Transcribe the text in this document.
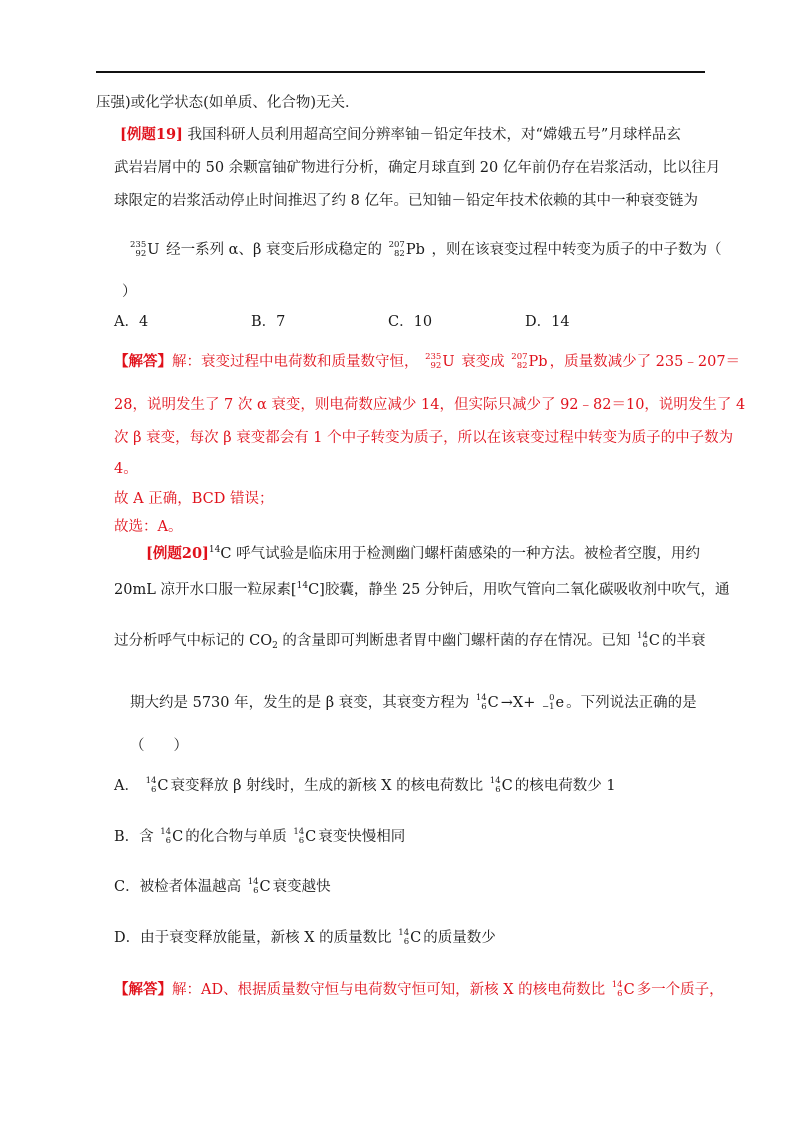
压强)或化学状态(如单质、化合物)无关．
[例题19] 我国科研人员利用超高空间分辨率铀－铅定年技术，对“嫦娥五号”月球样品玄
武岩岩屑中的 50 余颗富铀矿物进行分析，确定月球直到 20 亿年前仍存在岩浆活动，比以往月
球限定的岩浆活动停止时间推迟了约 8 亿年。已知铀－铅定年技术依赖的其中一种衰变链为
235
92 U 经一系列 α、β 衰变后形成稳定的 207
82 Pb ，则在该衰变过程中转变为质子的中子数为（
）
A．4	B．7	C．10	D．14
【解答】解：衰变过程中电荷数和质量数守恒， 235
92 U 衰变成 207
82 Pb ，质量数减少了 235﹣207＝
28，说明发生了 7 次 α 衰变，则电荷数应减少 14，但实际只减少了 92﹣82＝10，说明发生了 4
次 β 衰变，每次 β 衰变都会有 1 个中子转变为质子，所以在该衰变过程中转变为质子的中子数为
4。
故 A 正确，BCD 错误；
故选：A。
[例题20]$^{14}$C 呼气试验是临床用于检测幽门螺杆菌感染的一种方法。被检者空腹，用约
20mL 凉开水口服一粒尿素[$^{14}$C]胶囊，静坐 25 分钟后，用吹气管向二氧化碳吸收剂中吹气，通
过分析呼气中标记的 $CO_2$ 的含量即可判断患者胃中幽门螺杆菌的存在情况。已知 14
6 C 的半衰
期大约是 5730 年，发生的是 β 衰变，其衰变方程为 14
6 C →X+ 0
−1 e 。下列说法正确的是
（　　）
A． 14
6 C 衰变释放 β 射线时，生成的新核 X 的核电荷数比 14
6 C 的核电荷数少 1
B．含 14
6 C 的化合物与单质 14
6 C 衰变快慢相同
C．被检者体温越高 14
6 C 衰变越快
D．由于衰变释放能量，新核 X 的质量数比 14
6 C 的质量数少
【解答】解：AD、根据质量数守恒与电荷数守恒可知，新核 X 的核电荷数比 14
6 C 多一个质子，
